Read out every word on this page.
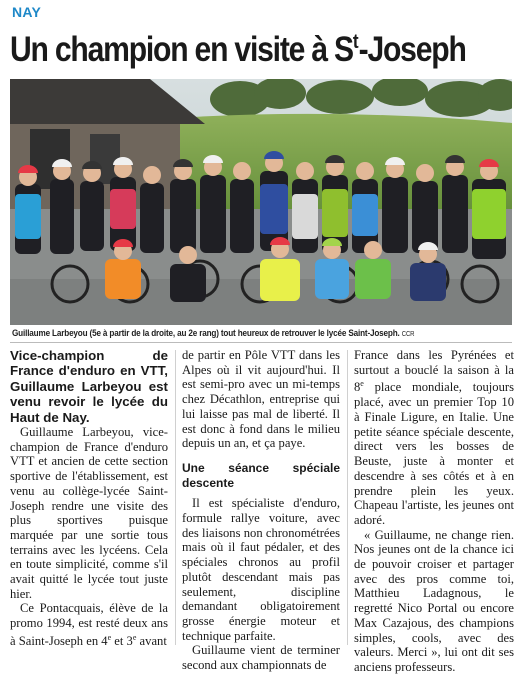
NAY
Un champion en visite à $S^t$-Joseph
Guillaume Larbeyou (5e à partir de la droite, au 2e rang) tout heureux de retrouver le lycée Saint-Joseph. CCR

Vice-champion de France d'enduro en VTT, Guillaume Larbeyou est venu revoir le lycée du Haut de Nay.

Guillaume Larbeyou, vice-champion de France d'enduro VTT et ancien de cette section sportive de l'établissement, est venu au collège-lycée Saint-Joseph rendre une visite des plus sportives puisque marquée par une sortie tous terrains avec les lycéens. Cela en toute simplicité, comme s'il avait quitté le lycée tout juste hier.

Ce Pontacquais, élève de la promo 1994, est resté deux ans à Saint-Joseph en 4e et 3e avant

de partir en Pôle VTT dans les Alpes où il vit aujourd'hui. Il est semi-pro avec un mi-temps chez Décathlon, entreprise qui lui laisse pas mal de liberté. Il est donc à fond dans le milieu depuis un an, et ça paye.

Une séance spéciale descente

Il est spécialiste d'enduro, formule rallye voiture, avec des liaisons non chronométrées mais où il faut pédaler, et des spéciales chronos au profil plutôt descendant mais pas seulement, discipline demandant obligatoirement grosse énergie moteur et technique parfaite.

Guillaume vient de terminer second aux championnats de

France dans les Pyrénées et surtout a bouclé la saison à la 8e place mondiale, toujours placé, avec un premier Top 10 à Finale Ligure, en Italie. Une petite séance spéciale descente, direct vers les bosses de Beuste, juste à monter et descendre à ses côtés et à en prendre plein les yeux. Chapeau l'artiste, les jeunes ont adoré.

« Guillaume, ne change rien. Nos jeunes ont de la chance ici de pouvoir croiser et partager avec des pros comme toi, Matthieu Ladagnous, le regretté Nico Portal ou encore Max Cazajous, des champions simples, cools, avec des valeurs. Merci », lui ont dit ses anciens professeurs.
